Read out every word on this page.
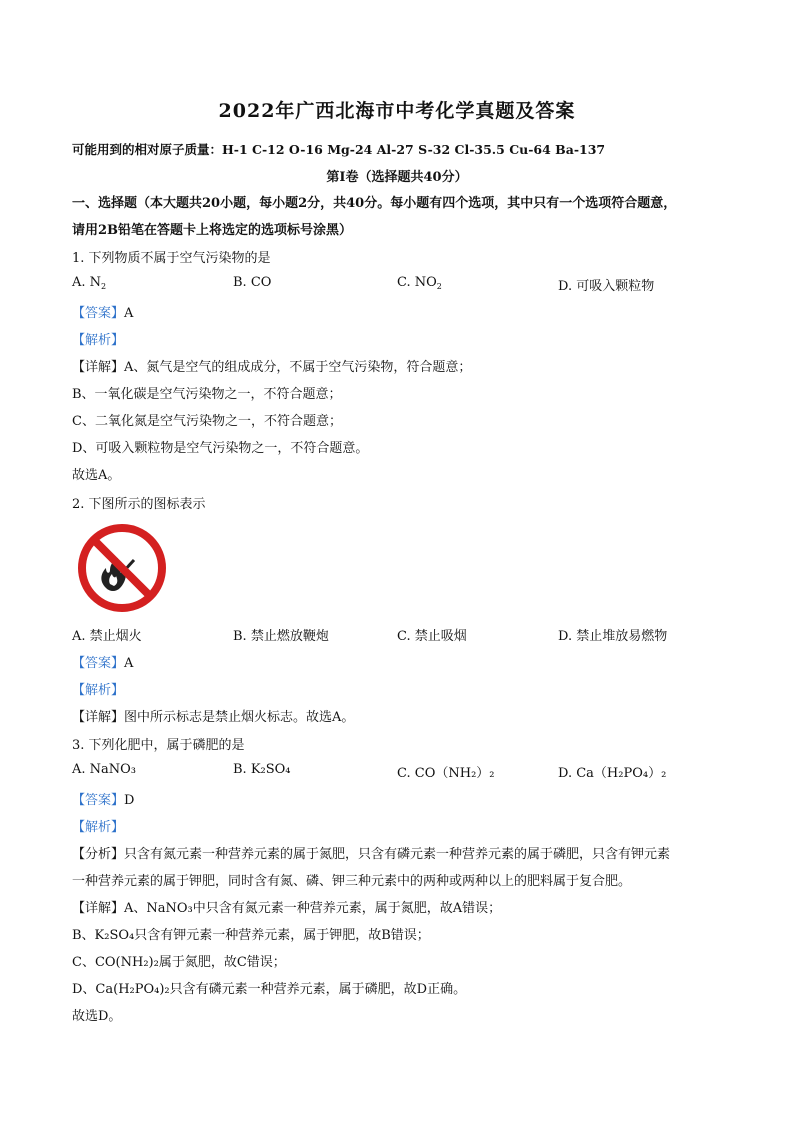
2022年广西北海市中考化学真题及答案
可能用到的相对原子质量：H-1 C-12 O-16 Mg-24 Al-27 S-32 Cl-35.5 Cu-64 Ba-137
第Ⅰ卷（选择题共40分）
一、选择题（本大题共20小题，每小题2分，共40分。每小题有四个选项，其中只有一个选项符合题意，
请用2B铅笔在答题卡上将选定的选项标号涂黑）
1. 下列物质不属于空气污染物的是
A. $N_2$	B. CO	C. $NO_2$	D. 可吸入颗粒物
【答案】A
【解析】
【详解】A、氮气是空气的组成成分，不属于空气污染物，符合题意；
B、一氧化碳是空气污染物之一，不符合题意；
C、二氧化氮是空气污染物之一，不符合题意；
D、可吸入颗粒物是空气污染物之一，不符合题意。
故选A。
2. 下图所示的图标表示
A. 禁止烟火	B. 禁止燃放鞭炮	C. 禁止吸烟	D. 禁止堆放易燃物
【答案】A
【解析】
【详解】图中所示标志是禁止烟火标志。故选A。
3. 下列化肥中，属于磷肥的是
A. NaNO₃	B. K₂SO₄	C. CO（NH₂）₂	D. Ca（H₂PO₄）₂
【答案】D
【解析】
【分析】只含有氮元素一种营养元素的属于氮肥，只含有磷元素一种营养元素的属于磷肥，只含有钾元素
一种营养元素的属于钾肥，同时含有氮、磷、钾三种元素中的两种或两种以上的肥料属于复合肥。
【详解】A、NaNO₃中只含有氮元素一种营养元素，属于氮肥，故A错误；
B、K₂SO₄只含有钾元素一种营养元素，属于钾肥，故B错误；
C、CO(NH₂)₂属于氮肥，故C错误；
D、Ca(H₂PO₄)₂只含有磷元素一种营养元素，属于磷肥，故D正确。
故选D。
